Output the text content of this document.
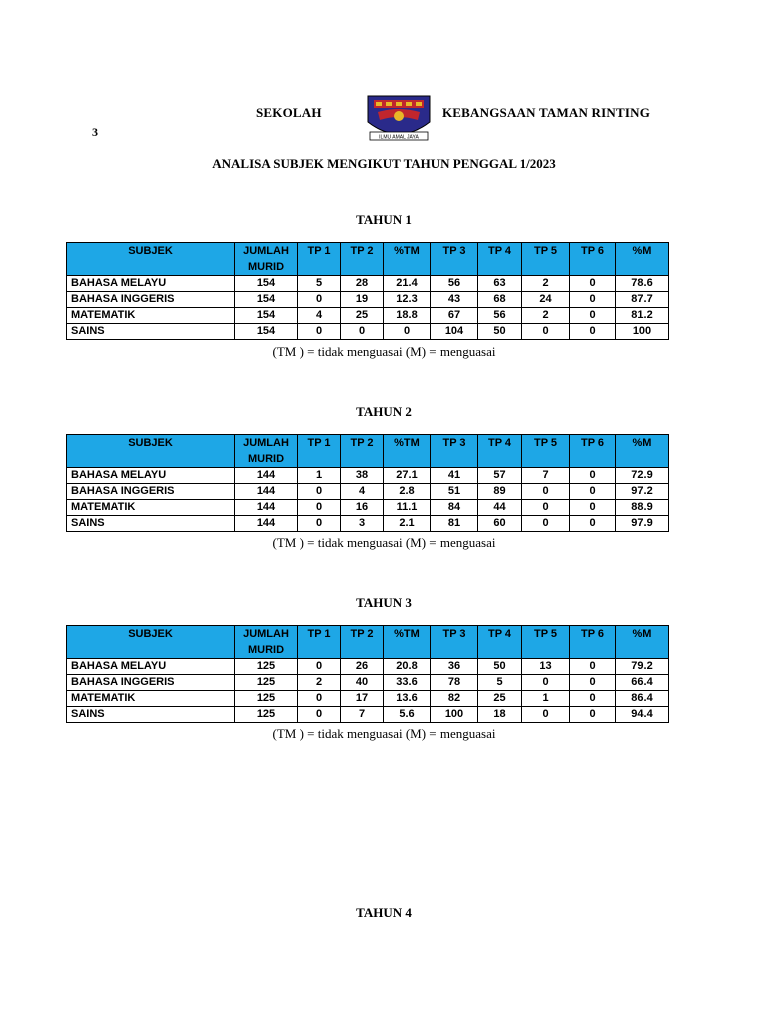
SEKOLAH
ILMU AMAL JAYA
KEBANGSAAN TAMAN RINTING
3
ANALISA SUBJEK MENGIKUT TAHUN PENGGAL 1/2023
TAHUN 1
SUBJEK	JUMLAH MURID	TP 1	TP 2	%TM	TP 3	TP 4	TP 5	TP 6	%M
BAHASA MELAYU	154	5	28	21.4	56	63	2	0	78.6
BAHASA INGGERIS	154	0	19	12.3	43	68	24	0	87.7
MATEMATIK	154	4	25	18.8	67	56	2	0	81.2
SAINS	154	0	0	0	104	50	0	0	100
(TM ) = tidak menguasai (M) = menguasai
TAHUN 2
SUBJEK	JUMLAH MURID	TP 1	TP 2	%TM	TP 3	TP 4	TP 5	TP 6	%M
BAHASA MELAYU	144	1	38	27.1	41	57	7	0	72.9
BAHASA INGGERIS	144	0	4	2.8	51	89	0	0	97.2
MATEMATIK	144	0	16	11.1	84	44	0	0	88.9
SAINS	144	0	3	2.1	81	60	0	0	97.9
(TM ) = tidak menguasai (M) = menguasai
TAHUN 3
SUBJEK	JUMLAH MURID	TP 1	TP 2	%TM	TP 3	TP 4	TP 5	TP 6	%M
BAHASA MELAYU	125	0	26	20.8	36	50	13	0	79.2
BAHASA INGGERIS	125	2	40	33.6	78	5	0	0	66.4
MATEMATIK	125	0	17	13.6	82	25	1	0	86.4
SAINS	125	0	7	5.6	100	18	0	0	94.4
(TM ) = tidak menguasai (M) = menguasai
TAHUN 4
